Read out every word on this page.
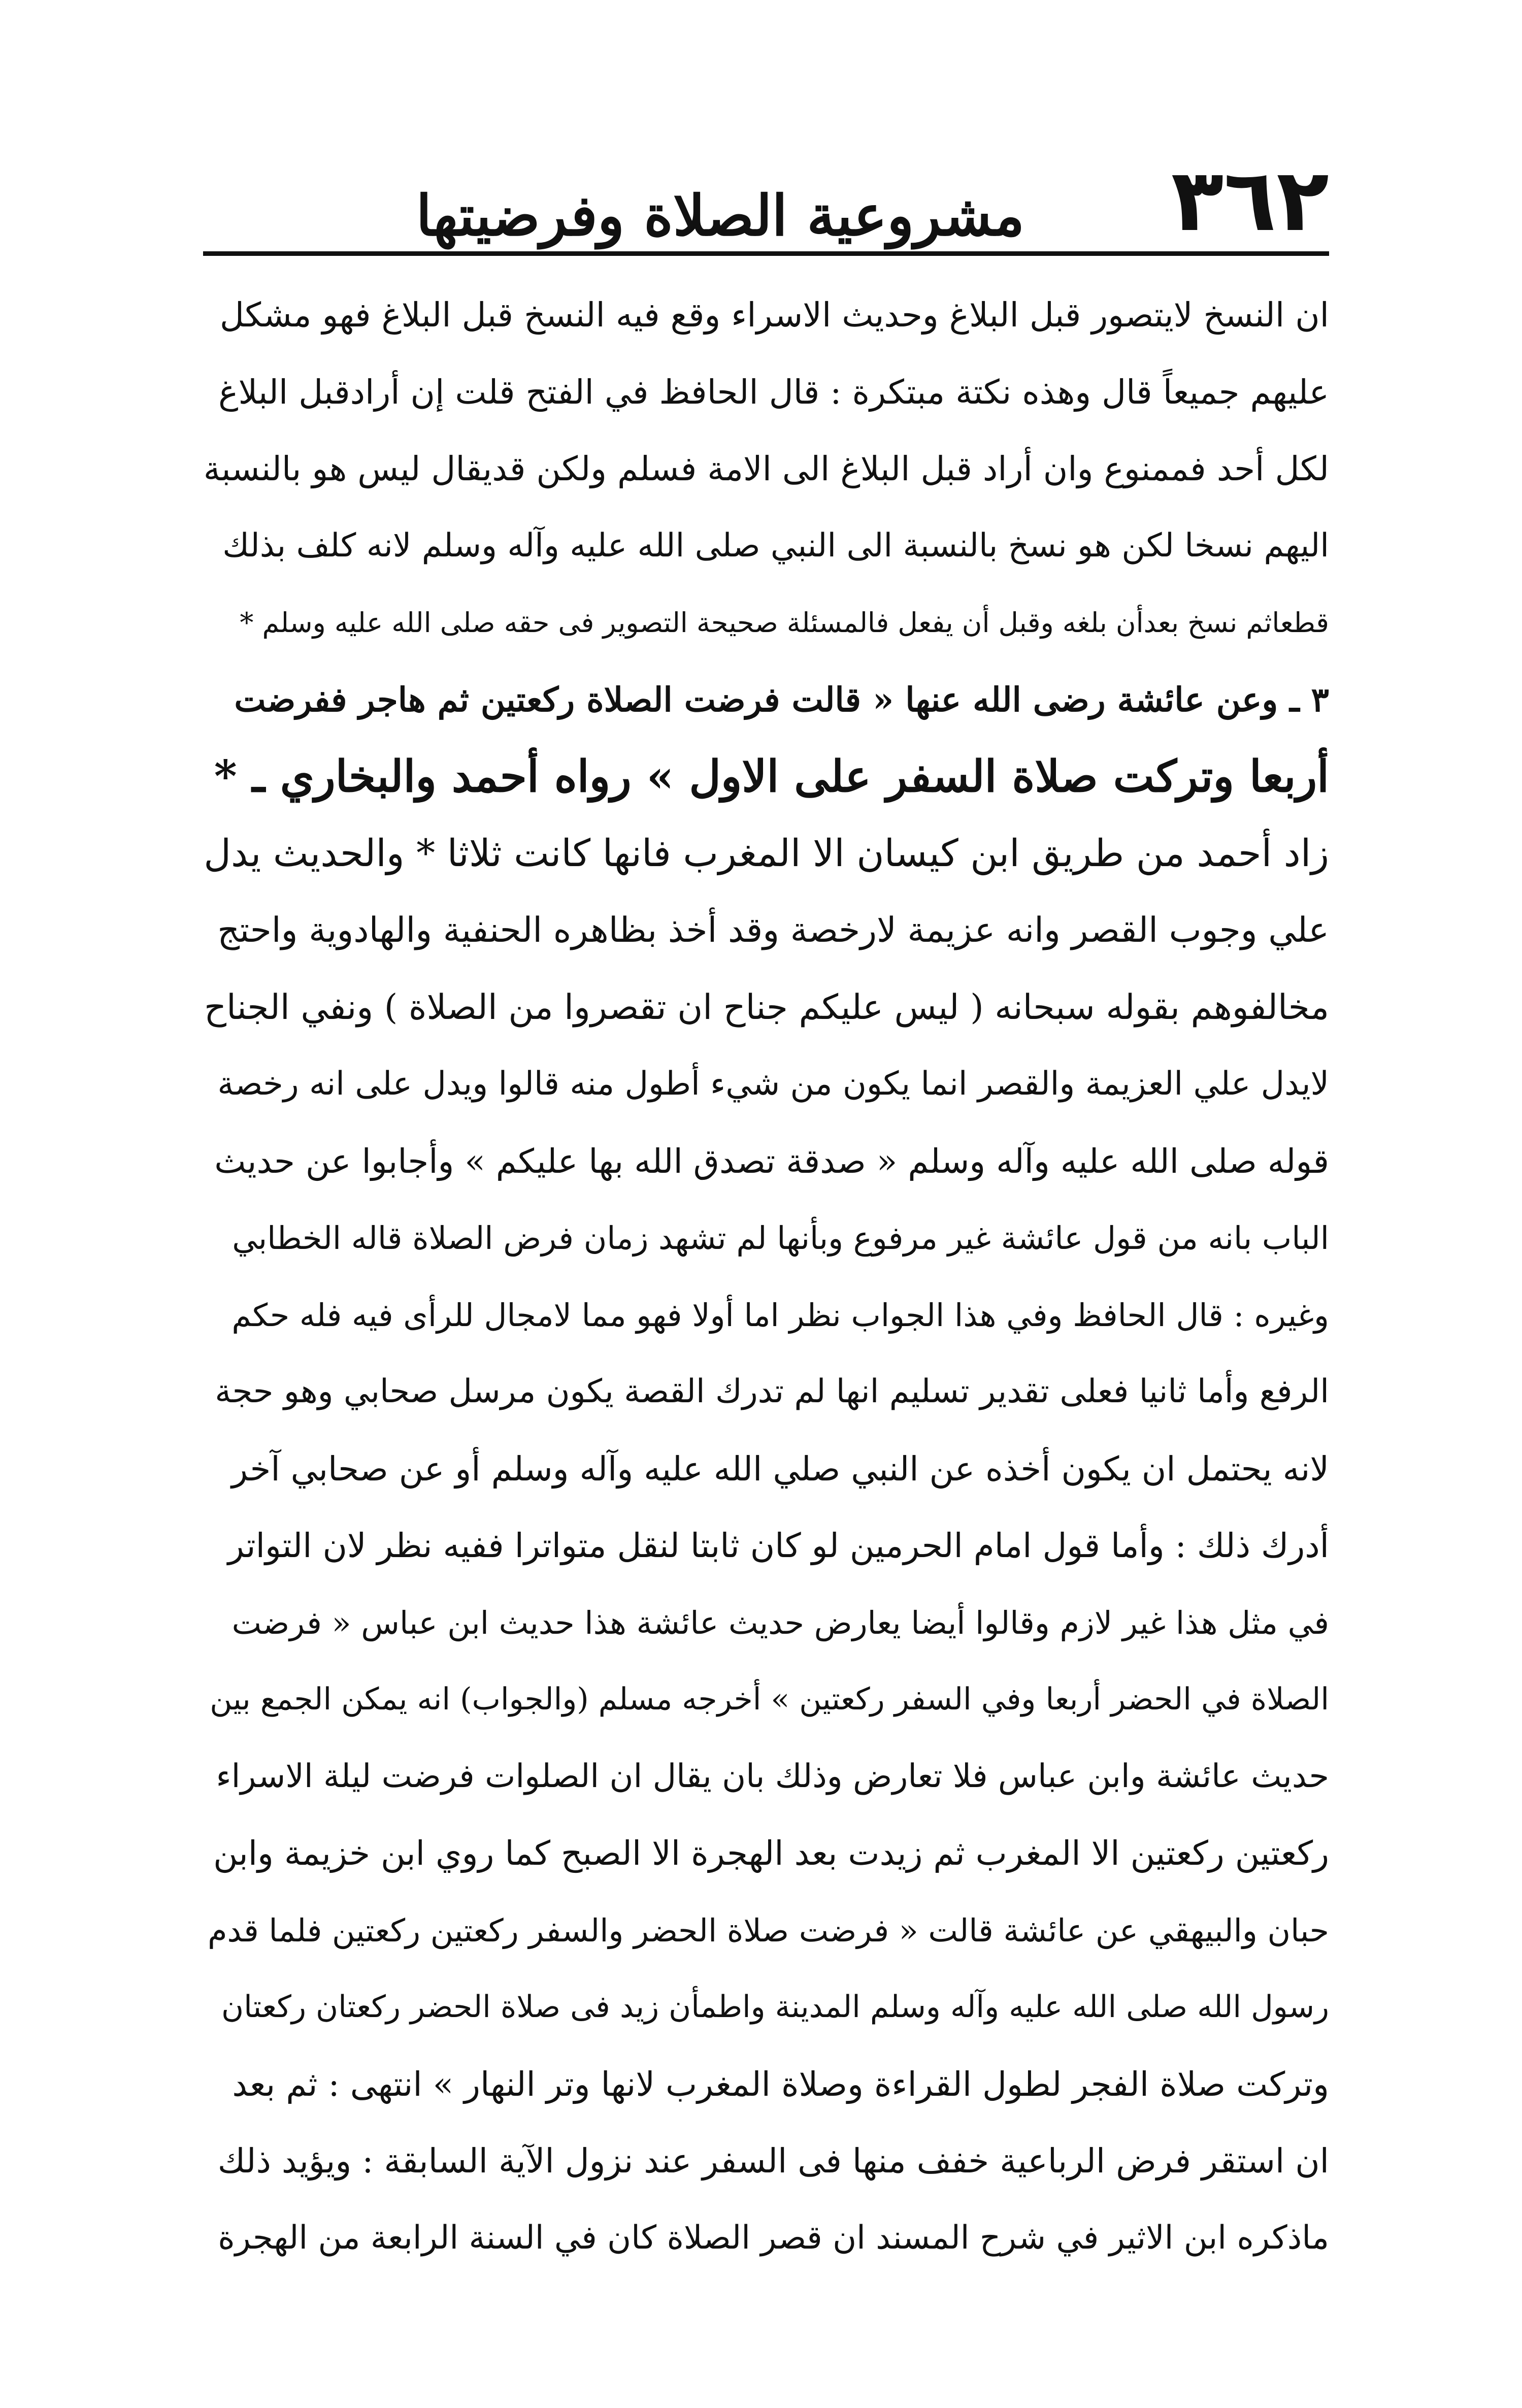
٣٦٢
مشروعية الصلاة وفرضيتها
ان النسخ لايتصور قبل البلاغ وحديث الاسراء وقع فيه النسخ قبل البلاغ فهو مشكل
عليهم جميعاً قال وهذه نكتة مبتكرة : قال الحافظ في الفتح قلت إن أرادقبل البلاغ
لكل أحد فممنوع وان أراد قبل البلاغ الى الامة فسلم ولكن قديقال ليس هو بالنسبة
اليهم نسخا لكن هو نسخ بالنسبة الى النبي صلى الله عليه وآله وسلم لانه كلف بذلك
قطعاثم نسخ بعدأن بلغه وقبل أن يفعل فالمسئلة صحيحة التصوير فى حقه صلى الله عليه وسلم *
٣ ـ وعن عائشة رضى الله عنها « قالت فرضت الصلاة ركعتين ثم هاجر ففرضت
أربعا وتركت صلاة السفر على الاول » رواه أحمد والبخاري ـ *
زاد أحمد من طريق ابن كيسان الا المغرب فانها كانت ثلاثا * والحديث يدل
علي وجوب القصر وانه عزيمة لارخصة وقد أخذ بظاهره الحنفية والهادوية واحتج
مخالفوهم بقوله سبحانه ( ليس عليكم جناح ان تقصروا من الصلاة ) ونفي الجناح
لايدل علي العزيمة والقصر انما يكون من شيء أطول منه قالوا ويدل على انه رخصة
قوله صلى الله عليه وآله وسلم « صدقة تصدق الله بها عليكم » وأجابوا عن حديث
الباب بانه من قول عائشة غير مرفوع وبأنها لم تشهد زمان فرض الصلاة قاله الخطابي
وغيره : قال الحافظ وفي هذا الجواب نظر اما أولا فهو مما لامجال للرأى فيه فله حكم
الرفع وأما ثانيا فعلى تقدير تسليم انها لم تدرك القصة يكون مرسل صحابي وهو حجة
لانه يحتمل ان يكون أخذه عن النبي صلي الله عليه وآله وسلم أو عن صحابي آخر
أدرك ذلك : وأما قول امام الحرمين لو كان ثابتا لنقل متواترا ففيه نظر لان التواتر
في مثل هذا غير لازم وقالوا أيضا يعارض حديث عائشة هذا حديث ابن عباس « فرضت
الصلاة في الحضر أربعا وفي السفر ركعتين » أخرجه مسلم (والجواب) انه يمكن الجمع بين
حديث عائشة وابن عباس فلا تعارض وذلك بان يقال ان الصلوات فرضت ليلة الاسراء
ركعتين ركعتين الا المغرب ثم زيدت بعد الهجرة الا الصبح كما روي ابن خزيمة وابن
حبان والبيهقي عن عائشة قالت « فرضت صلاة الحضر والسفر ركعتين ركعتين فلما قدم
رسول الله صلى الله عليه وآله وسلم المدينة واطمأن زيد فى صلاة الحضر ركعتان ركعتان
وتركت صلاة الفجر لطول القراءة وصلاة المغرب لانها وتر النهار » انتهى : ثم بعد
ان استقر فرض الرباعية خفف منها فى السفر عند نزول الآية السابقة : ويؤيد ذلك
ماذكره ابن الاثير في شرح المسند ان قصر الصلاة كان في السنة الرابعة من الهجرة
